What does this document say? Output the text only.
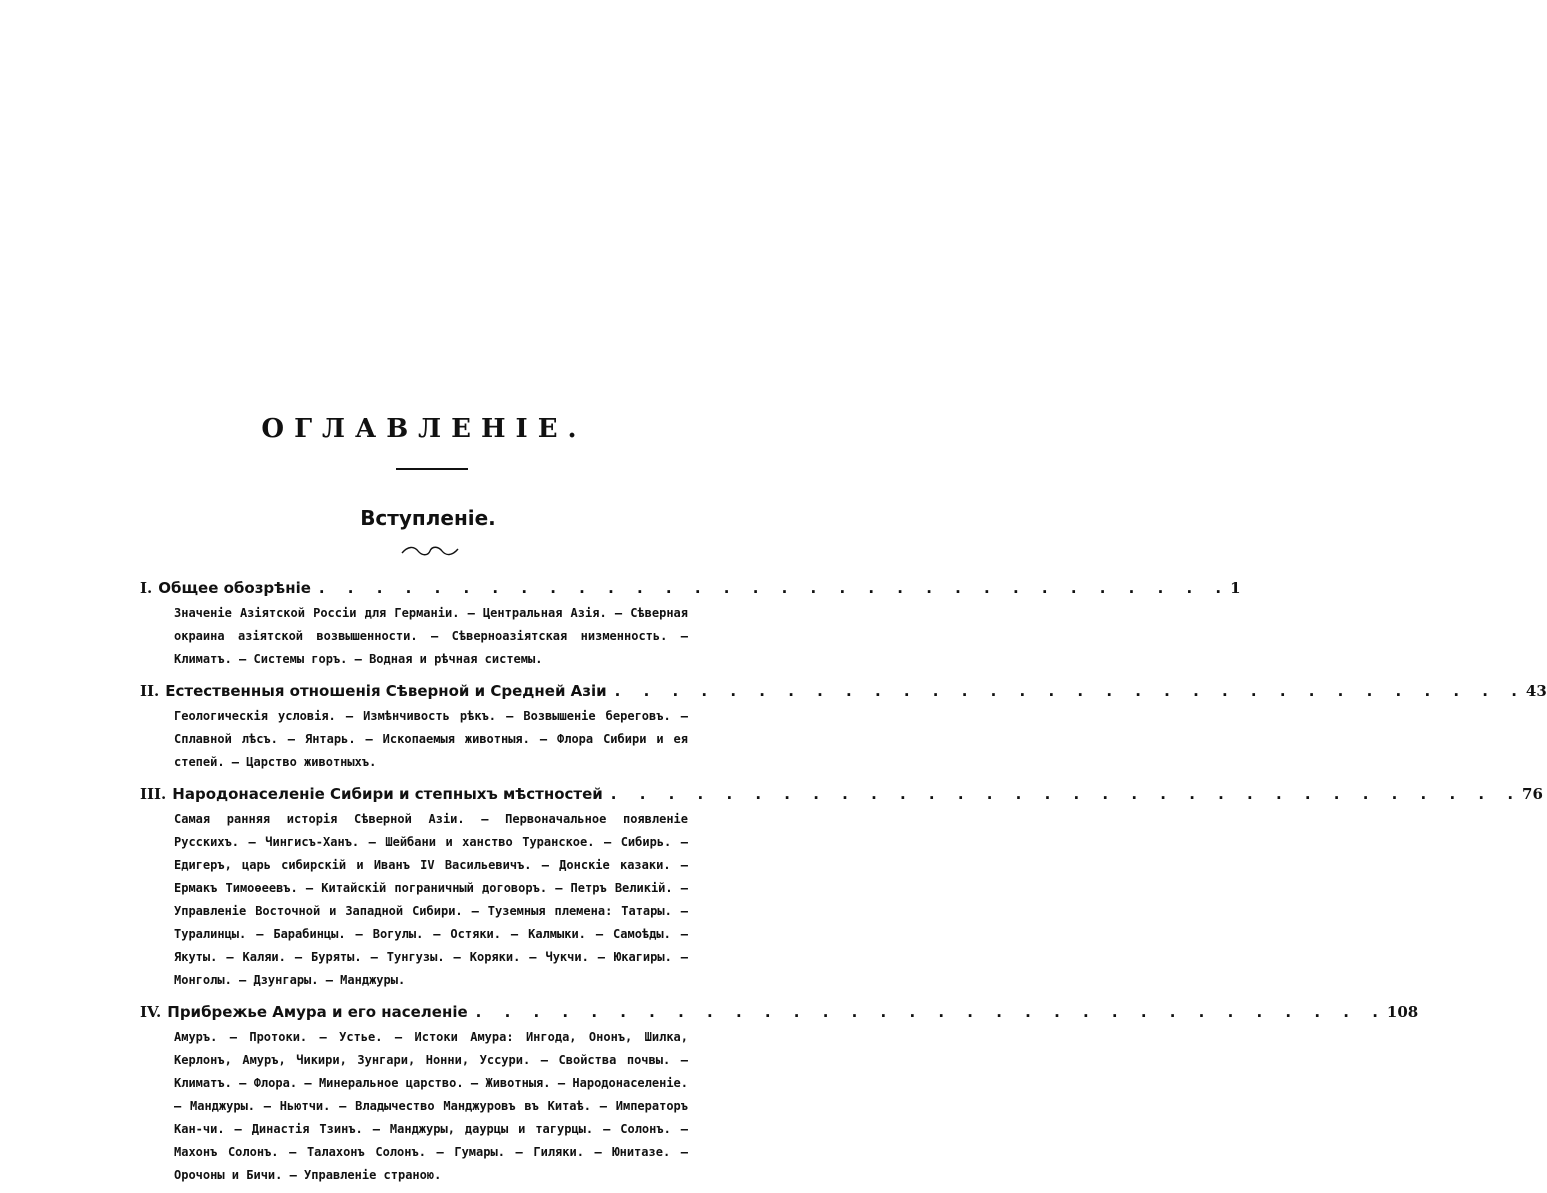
ОГЛАВЛЕНІЕ.
Вступленіе.
I. Общее обозрѣніе . . . . . . . . . . . . . . . . . . . . . . . . . . . . . . . . 1
Значеніе Азіятской Россіи для Германіи. — Центральная Азія. — Сѣверная окраина азіятской возвышенности. — Сѣверноазіятская низменность. — Климатъ. — Системы горъ. — Водная и рѣчная системы.
II. Естественныя отношенія Сѣверной и Средней Азіи . . . . . . . . . . . . . . . . . . . . . . . . . . . . . . . . 43
Геологическія условія. — Измѣнчивость рѣкъ. — Возвышеніе береговъ. — Сплавной лѣсъ. — Янтарь. — Ископаемыя животныя. — Флора Сибири и ея степей. — Царство животныхъ.
III. Народонаселеніе Сибири и степныхъ мѣстностей . . . . . . . . . . . . . . . . . . . . . . . . . . . . . . . . 76
Самая ранняя исторія Сѣверной Азіи. — Первоначальное появленіе Русскихъ. — Чингисъ-Ханъ. — Шейбани и ханство Туранское. — Сибирь. — Едигеръ, царь сибирскій и Иванъ IV Васильевичъ. — Донскіе казаки. — Ермакъ Тимоѳеевъ. — Китайскій пограничный договоръ. — Петръ Великій. — Управленіе Восточной и Западной Сибири. — Туземныя племена: Татары. — Туралинцы. — Барабинцы. — Вогулы. — Остяки. — Калмыки. — Самоѣды. — Якуты. — Каляи. — Буряты. — Тунгузы. — Коряки. — Чукчи. — Юкагиры. — Монголы. — Дзунгары. — Манджуры.
IV. Прибрежье Амура и его населеніе . . . . . . . . . . . . . . . . . . . . . . . . . . . . . . . . 108
Амуръ. — Протоки. — Устье. — Истоки Амура: Ингода, Ононъ, Шилка, Керлонъ, Амуръ, Чикири, Зунгари, Нонни, Уссури. — Свойства почвы. — Климатъ. — Флора. — Минеральное царство. — Животныя. — Народонаселеніе. — Манджуры. — Ньютчи. — Владычество Манджуровъ въ Китаѣ. — Императоръ Кан-чи. — Династія Тзинъ. — Манджуры, даурцы и тагурцы. — Солонъ. — Махонъ Солонъ. — Талахонъ Солонъ. — Гумары. — Гиляки. — Юнитазе. — Орочоны и Бичи. — Управленіе страною.
